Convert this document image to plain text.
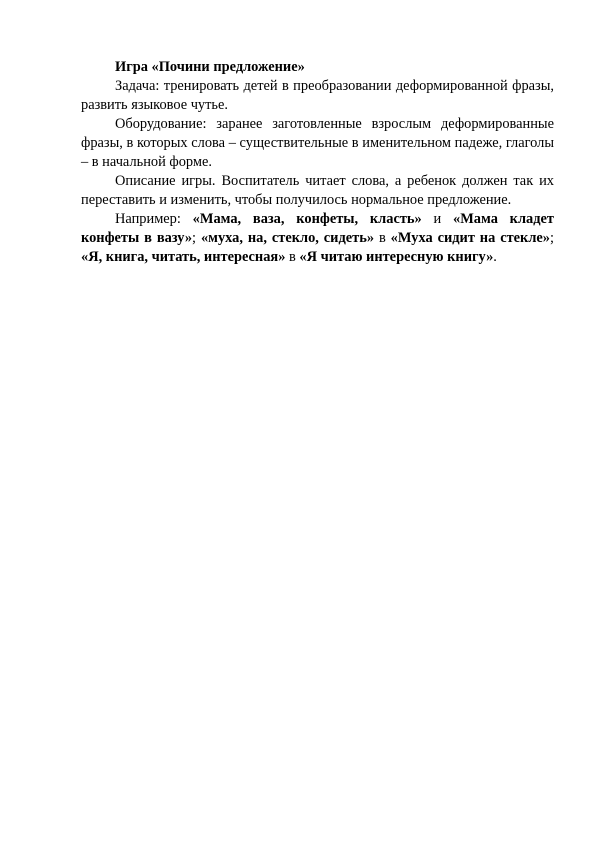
Игра «Почини предложение»

Задача: тренировать детей в преобразовании деформированной фразы, развить языковое чутье.

Оборудование: заранее заготовленные взрослым деформированные фразы, в которых слова – существительные в именительном падеже, глаголы – в начальной форме.

Описание игры. Воспитатель читает слова, а ребенок должен так их переставить и изменить, чтобы получилось нормальное предложение.

Например: «Мама, ваза, конфеты, класть» и «Мама кладет конфеты в вазу»; «муха, на, стекло, сидеть» в «Муха сидит на стекле»; «Я, книга, читать, интересная» в «Я читаю интересную книгу».
